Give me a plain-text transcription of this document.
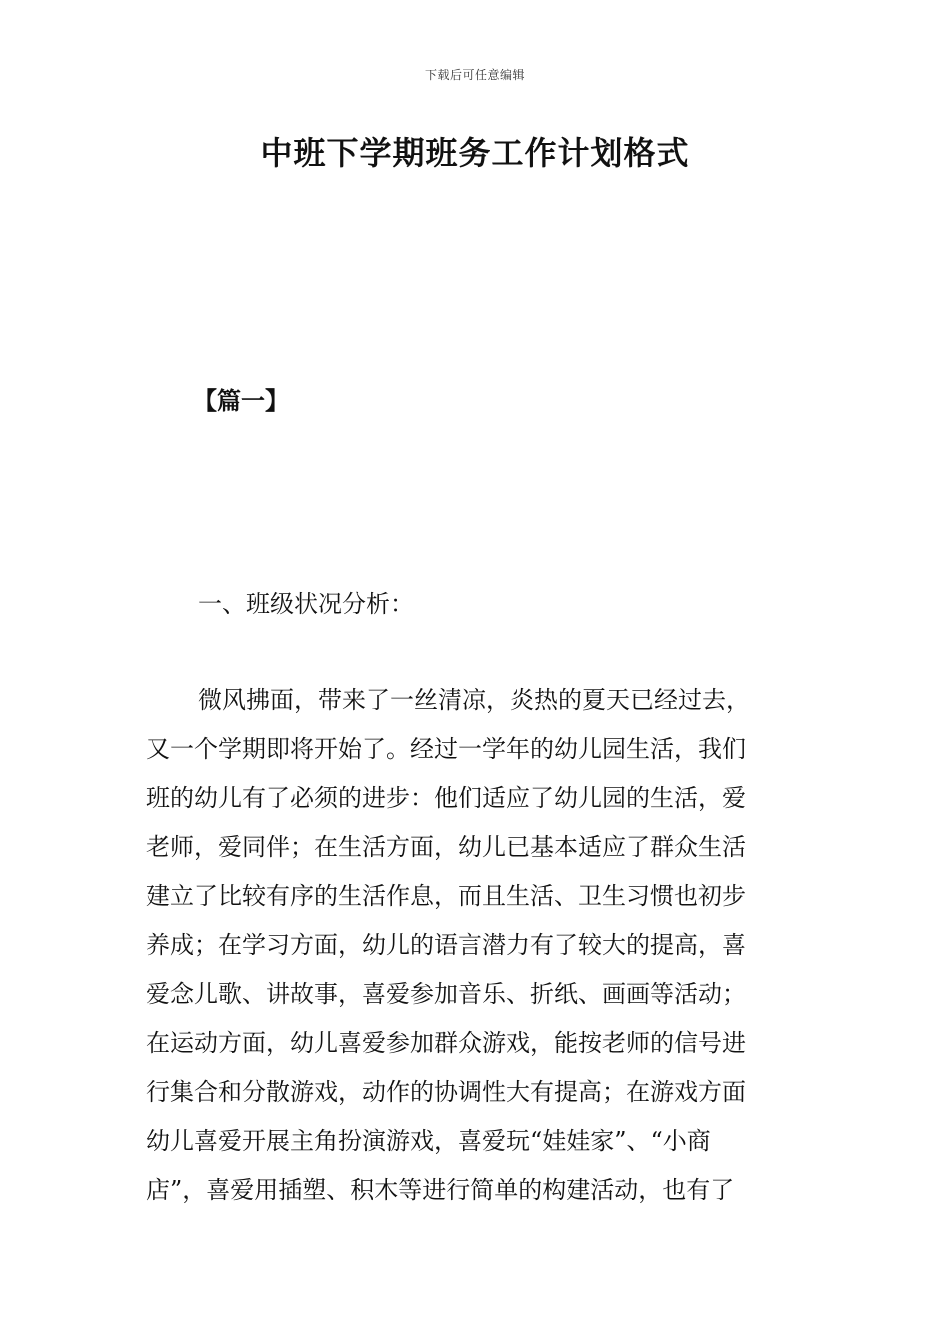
下载后可任意编辑
中班下学期班务工作计划格式
【篇一】
一、班级状况分析：
微风拂面，带来了一丝清凉，炎热的夏天已经过去，
又一个学期即将开始了。经过一学年的幼儿园生活，我们
班的幼儿有了必须的进步：他们适应了幼儿园的生活，爱
老师，爱同伴；在生活方面，幼儿已基本适应了群众生活
建立了比较有序的生活作息，而且生活、卫生习惯也初步
养成；在学习方面，幼儿的语言潜力有了较大的提高，喜
爱念儿歌、讲故事，喜爱参加音乐、折纸、画画等活动；
在运动方面，幼儿喜爱参加群众游戏，能按老师的信号进
行集合和分散游戏，动作的协调性大有提高；在游戏方面
幼儿喜爱开展主角扮演游戏，喜爱玩“娃娃家”、“小商
店”，喜爱用插塑、积木等进行简单的构建活动，也有了
